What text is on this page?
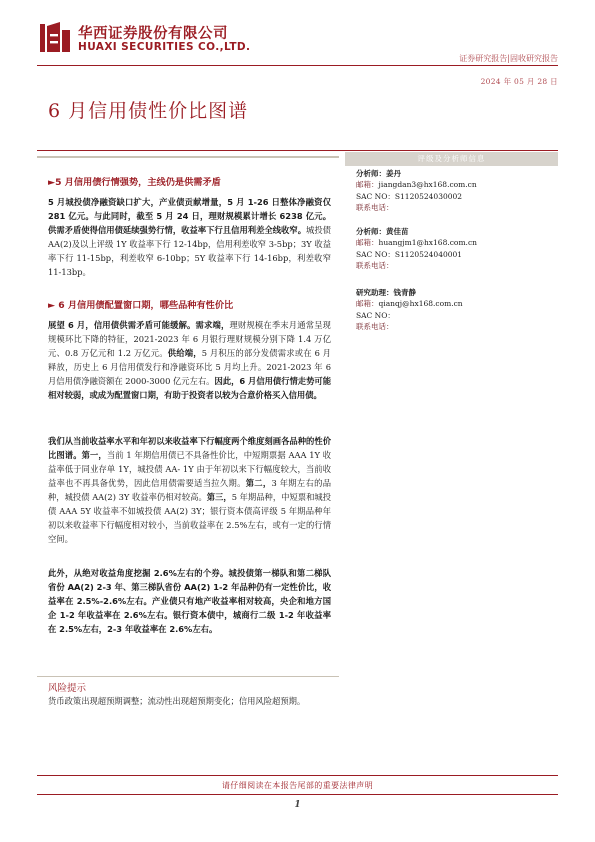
华西证券股份有限公司
HUAXI SECURITIES CO.,LTD.
证券研究报告|固收研究报告
2024 年 05 月 28 日
6 月信用债性价比图谱
►5 月信用债行情强势，主线仍是供需矛盾
5 月城投债净融资缺口扩大，产业债贡献增量，5 月 1-26 日整体净融资仅 281 亿元。与此同时，截至 5 月 24 日，理财规模累计增长 6238 亿元。供需矛盾使得信用债延续强势行情，收益率下行且信用利差全线收窄。城投债 AA(2)及以上评级 1Y 收益率下行 12-14bp，信用利差收窄 3-5bp；3Y 收益率下行 11-15bp，利差收窄 6-10bp；5Y 收益率下行 14-16bp，利差收窄 11-13bp。
► 6 月信用债配置窗口期，哪些品种有性价比
展望 6 月，信用债供需矛盾可能缓解。需求端，理财规模在季末月通常呈现规模环比下降的特征，2021-2023 年 6 月银行理财规模分别下降 1.4 万亿元、0.8 万亿元和 1.2 万亿元。供给端，5 月积压的部分发债需求或在 6 月释放，历史上 6 月信用债发行和净融资环比 5 月均上升。2021-2023 年 6 月信用债净融资额在 2000-3000 亿元左右。因此，6 月信用债行情走势可能相对较弱，或成为配置窗口期，有助于投资者以较为合意价格买入信用债。
我们从当前收益率水平和年初以来收益率下行幅度两个维度刻画各品种的性价比图谱。第一，当前 1 年期信用债已不具备性价比，中短期票据 AAA 1Y 收益率低于同业存单 1Y，城投债 AA- 1Y 由于年初以来下行幅度较大，当前收益率也不再具备优势，因此信用债需要适当拉久期。第二，3 年期左右的品种，城投债 AA(2) 3Y 收益率仍相对较高。第三，5 年期品种，中短票和城投债 AAA 5Y 收益率不如城投债 AA(2) 3Y；银行资本债高评级 5 年期品种年初以来收益率下行幅度相对较小，当前收益率在 2.5%左右，或有一定的行情空间。
此外，从绝对收益角度挖掘 2.6%左右的个券。城投债第一梯队和第二梯队省份 AA(2) 2-3 年、第三梯队省份 AA(2) 1-2 年品种仍有一定性价比，收益率在 2.5%-2.6%左右。产业债只有地产收益率相对较高，央企和地方国企 1-2 年收益率在 2.6%左右。银行资本债中，城商行二级 1-2 年收益率在 2.5%左右，2-3 年收益率在 2.6%左右。
风险提示
货币政策出现超预期调整；流动性出现超预期变化；信用风险超预期。
评级及分析师信息
分析师：姜丹
邮箱：jiangdan3@hx168.com.cn
SAC NO：S1120524030002
联系电话：
分析师：黄佳苗
邮箱：huangjm1@hx168.com.cn
SAC NO：S1120524040001
联系电话：
研究助理：钱青静
邮箱：qianqj@hx168.com.cn
SAC NO：
联系电话：
请仔细阅读在本报告尾部的重要法律声明
1
